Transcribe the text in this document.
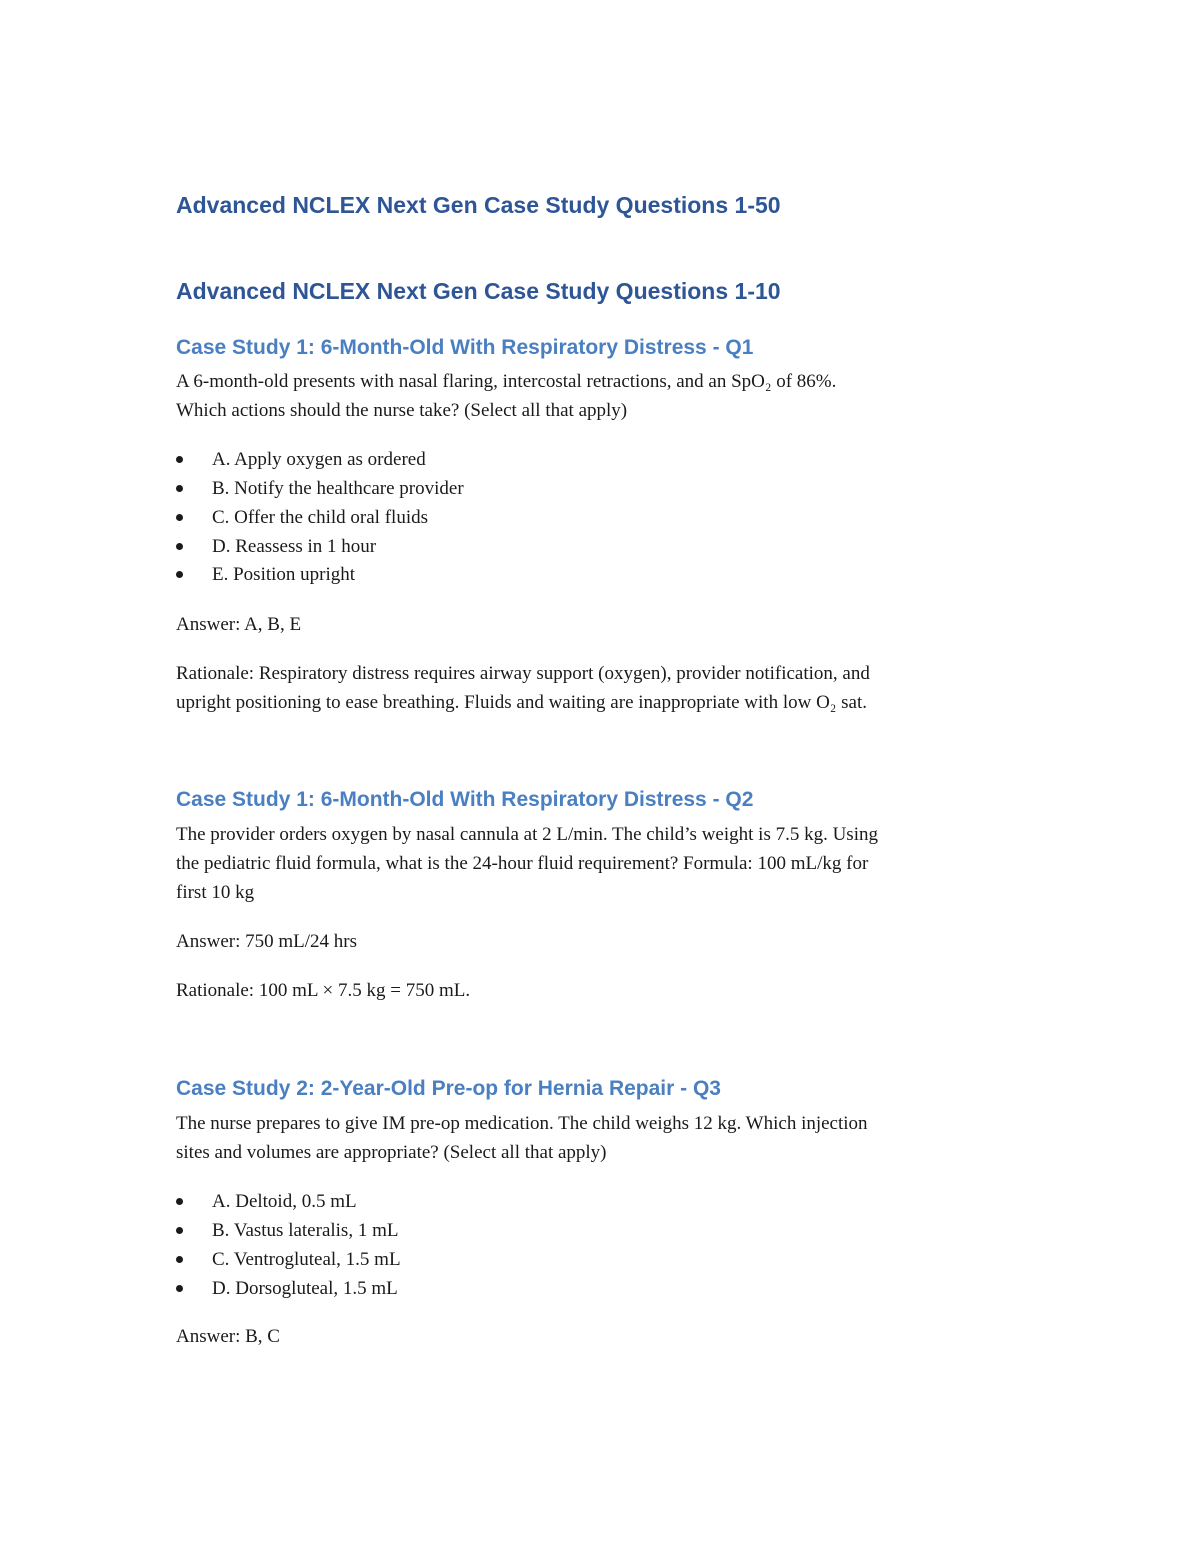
Advanced NCLEX Next Gen Case Study Questions 1-50
Advanced NCLEX Next Gen Case Study Questions 1-10
Case Study 1: 6-Month-Old With Respiratory Distress - Q1

A 6-month-old presents with nasal flaring, intercostal retractions, and an SpO₂ of 86%.

Which actions should the nurse take? (Select all that apply)

A. Apply oxygen as ordered
B. Notify the healthcare provider
C. Offer the child oral fluids
D. Reassess in 1 hour
E. Position upright

Answer: A, B, E

Rationale: Respiratory distress requires airway support (oxygen), provider notification, and

upright positioning to ease breathing. Fluids and waiting are inappropriate with low O₂ sat.

Case Study 1: 6-Month-Old With Respiratory Distress - Q2

The provider orders oxygen by nasal cannula at 2 L/min. The child’s weight is 7.5 kg. Using

the pediatric fluid formula, what is the 24-hour fluid requirement? Formula: 100 mL/kg for

first 10 kg

Answer: 750 mL/24 hrs

Rationale: 100 mL × 7.5 kg = 750 mL.

Case Study 2: 2-Year-Old Pre-op for Hernia Repair - Q3

The nurse prepares to give IM pre-op medication. The child weighs 12 kg. Which injection

sites and volumes are appropriate? (Select all that apply)

A. Deltoid, 0.5 mL
B. Vastus lateralis, 1 mL
C. Ventrogluteal, 1.5 mL
D. Dorsogluteal, 1.5 mL

Answer: B, C
